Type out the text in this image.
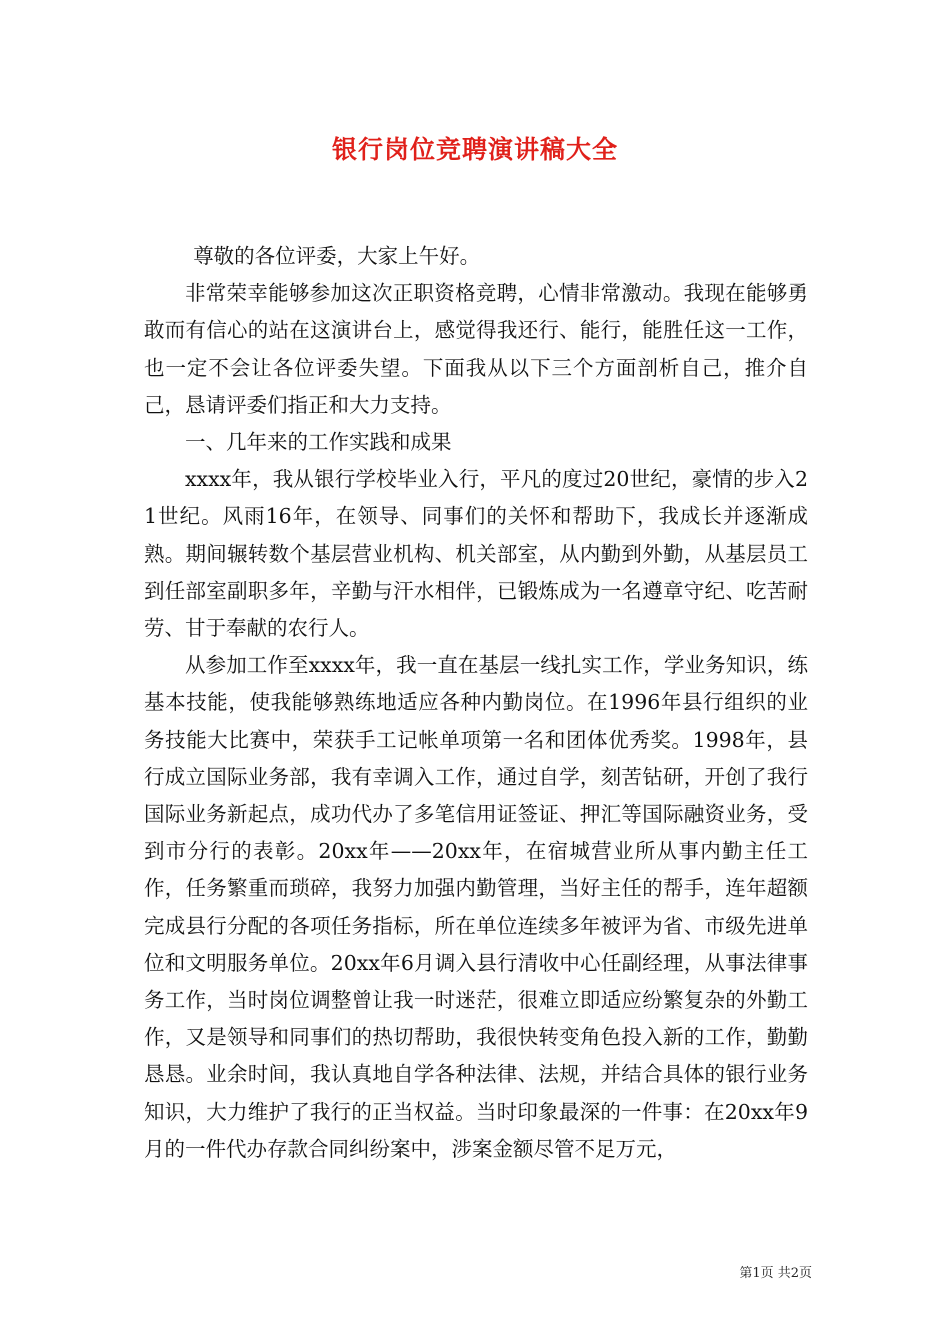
银行岗位竞聘演讲稿大全

尊敬的各位评委，大家上午好。

非常荣幸能够参加这次正职资格竞聘，心情非常激动。我现在能够勇敢而有信心的站在这演讲台上，感觉得我还行、能行，能胜任这一工作，也一定不会让各位评委失望。下面我从以下三个方面剖析自己，推介自己，恳请评委们指正和大力支持。

一、几年来的工作实践和成果

xxxx年，我从银行学校毕业入行，平凡的度过20世纪，豪情的步入21世纪。风雨16年，在领导、同事们的关怀和帮助下，我成长并逐渐成熟。期间辗转数个基层营业机构、机关部室，从内勤到外勤，从基层员工到任部室副职多年，辛勤与汗水相伴，已锻炼成为一名遵章守纪、吃苦耐劳、甘于奉献的农行人。

从参加工作至xxxx年，我一直在基层一线扎实工作，学业务知识，练基本技能，使我能够熟练地适应各种内勤岗位。在1996年县行组织的业务技能大比赛中，荣获手工记帐单项第一名和团体优秀奖。1998年，县行成立国际业务部，我有幸调入工作，通过自学，刻苦钻研，开创了我行国际业务新起点，成功代办了多笔信用证签证、押汇等国际融资业务，受到市分行的表彰。20xx年——20xx年，在宿城营业所从事内勤主任工作，任务繁重而琐碎，我努力加强内勤管理，当好主任的帮手，连年超额完成县行分配的各项任务指标，所在单位连续多年被评为省、市级先进单位和文明服务单位。20xx年6月调入县行清收中心任副经理，从事法律事务工作，当时岗位调整曾让我一时迷茫，很难立即适应纷繁复杂的外勤工作，又是领导和同事们的热切帮助，我很快转变角色投入新的工作，勤勤恳恳。业余时间，我认真地自学各种法律、法规，并结合具体的银行业务知识，大力维护了我行的正当权益。当时印象最深的一件事：在20xx年9月的一件代办存款合同纠纷案中，涉案金额尽管不足万元，

第1页 共2页
